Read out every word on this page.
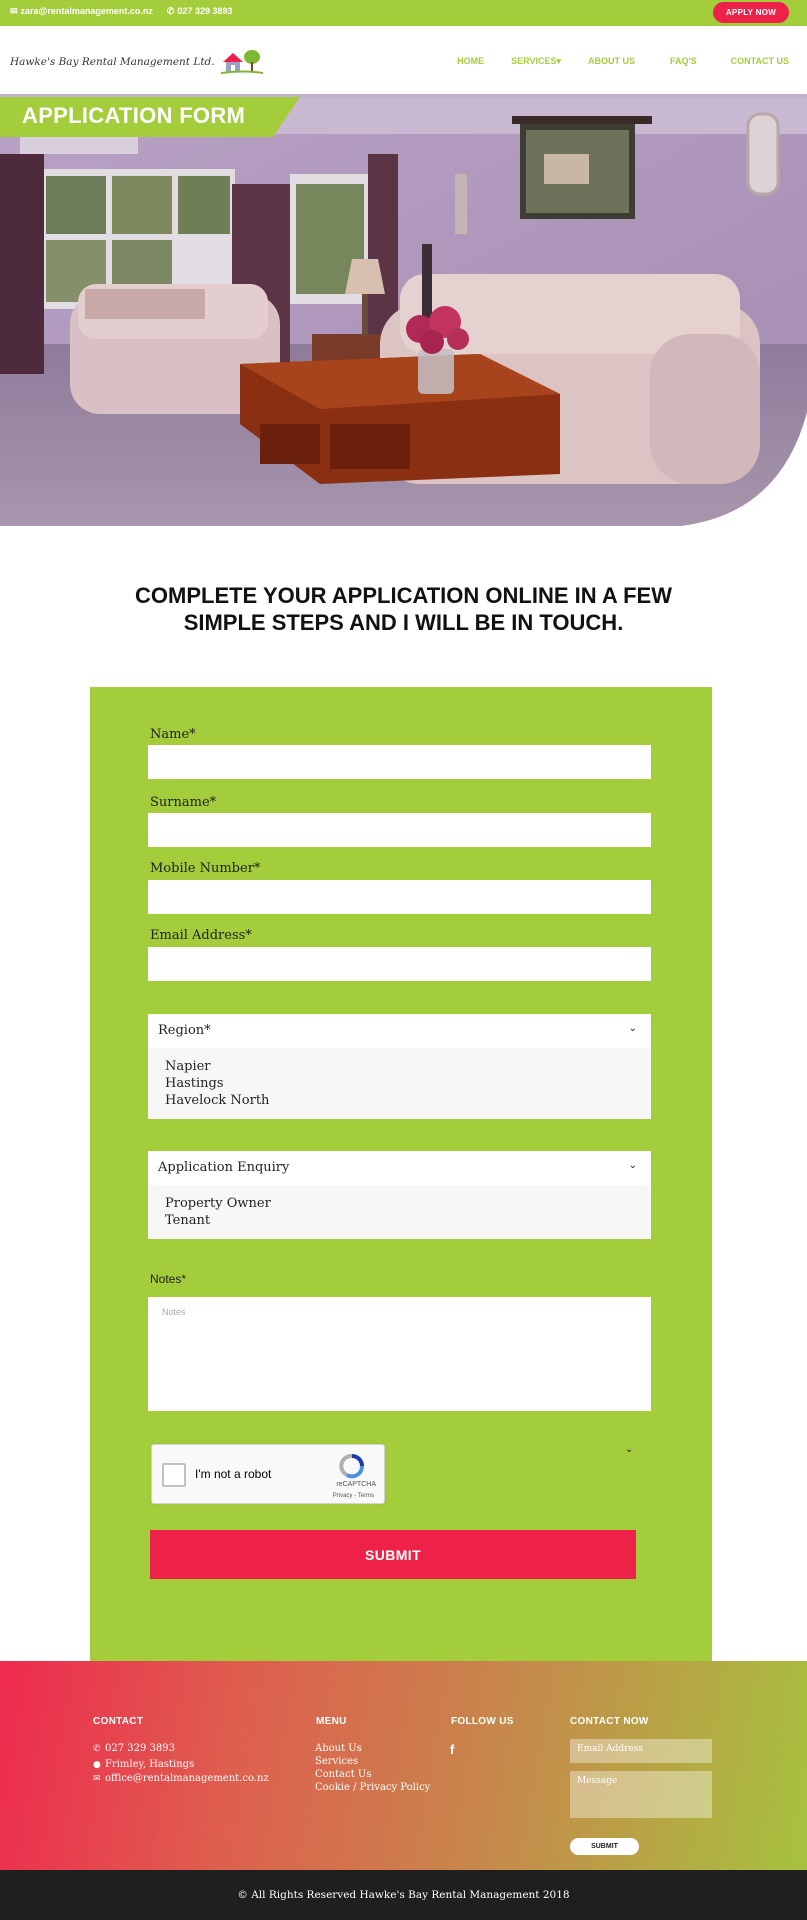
✉ zara@rentalmanagement.co.nz ✆ 027 329 3893	APPLY NOW
Hawke's Bay Rental Management Ltd.	HOME	SERVICES▾	ABOUT US	FAQ'S	CONTACT US
APPLICATION FORM
COMPLETE YOUR APPLICATION ONLINE IN A FEW
SIMPLE STEPS AND I WILL BE IN TOUCH.
Name*
Surname*
Mobile Number*
Email Address*
Region*	⌄
Napier
Hastings
Havelock North
Application Enquiry	⌄
Property Owner
Tenant
Notes*
Notes
⌄
I'm not a robot
reCAPTCHA
Privacy - Terms
SUBMIT
CONTACT
✆ 027 329 3893
● Frimley, Hastings
✉ office@rentalmanagement.co.nz
MENU
About Us
Services
Contact Us
Cookie / Privacy Policy
FOLLOW US
f
CONTACT NOW
Email Address
Message
SUBMIT
© All Rights Reserved Hawke's Bay Rental Management 2018
